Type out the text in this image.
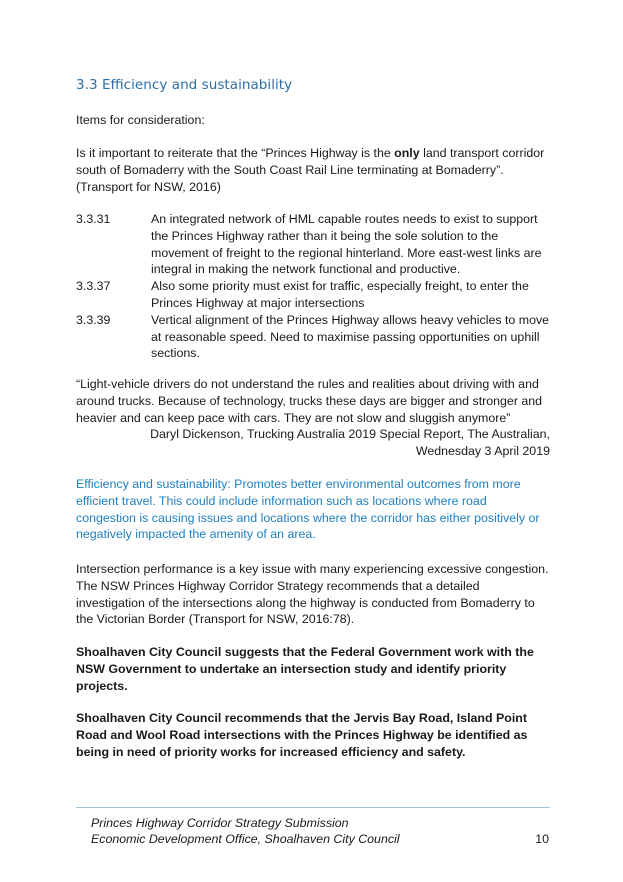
3.3 Efficiency and sustainability

Items for consideration:

Is it important to reiterate that the “Princes Highway is the only land transport corridor south of Bomaderry with the South Coast Rail Line terminating at Bomaderry”. (Transport for NSW, 2016)

3.3.31	An integrated network of HML capable routes needs to exist to support the Princes Highway rather than it being the sole solution to the movement of freight to the regional hinterland. More east-west links are integral in making the network functional and productive.
3.3.37	Also some priority must exist for traffic, especially freight, to enter the Princes Highway at major intersections
3.3.39	Vertical alignment of the Princes Highway allows heavy vehicles to move at reasonable speed. Need to maximise passing opportunities on uphill sections.

“Light-vehicle drivers do not understand the rules and realities about driving with and around trucks. Because of technology, trucks these days are bigger and stronger and heavier and can keep pace with cars. They are not slow and sluggish anymore”

Daryl Dickenson, Trucking Australia 2019 Special Report, The Australian,

Wednesday 3 April 2019

Efficiency and sustainability: Promotes better environmental outcomes from more efficient travel. This could include information such as locations where road congestion is causing issues and locations where the corridor has either positively or negatively impacted the amenity of an area.

Intersection performance is a key issue with many experiencing excessive congestion. The NSW Princes Highway Corridor Strategy recommends that a detailed investigation of the intersections along the highway is conducted from Bomaderry to the Victorian Border (Transport for NSW, 2016:78).

Shoalhaven City Council suggests that the Federal Government work with the NSW Government to undertake an intersection study and identify priority projects.

Shoalhaven City Council recommends that the Jervis Bay Road, Island Point Road and Wool Road intersections with the Princes Highway be identified as being in need of priority works for increased efficiency and safety.

Princes Highway Corridor Strategy Submission
Economic Development Office, Shoalhaven City Council	10
